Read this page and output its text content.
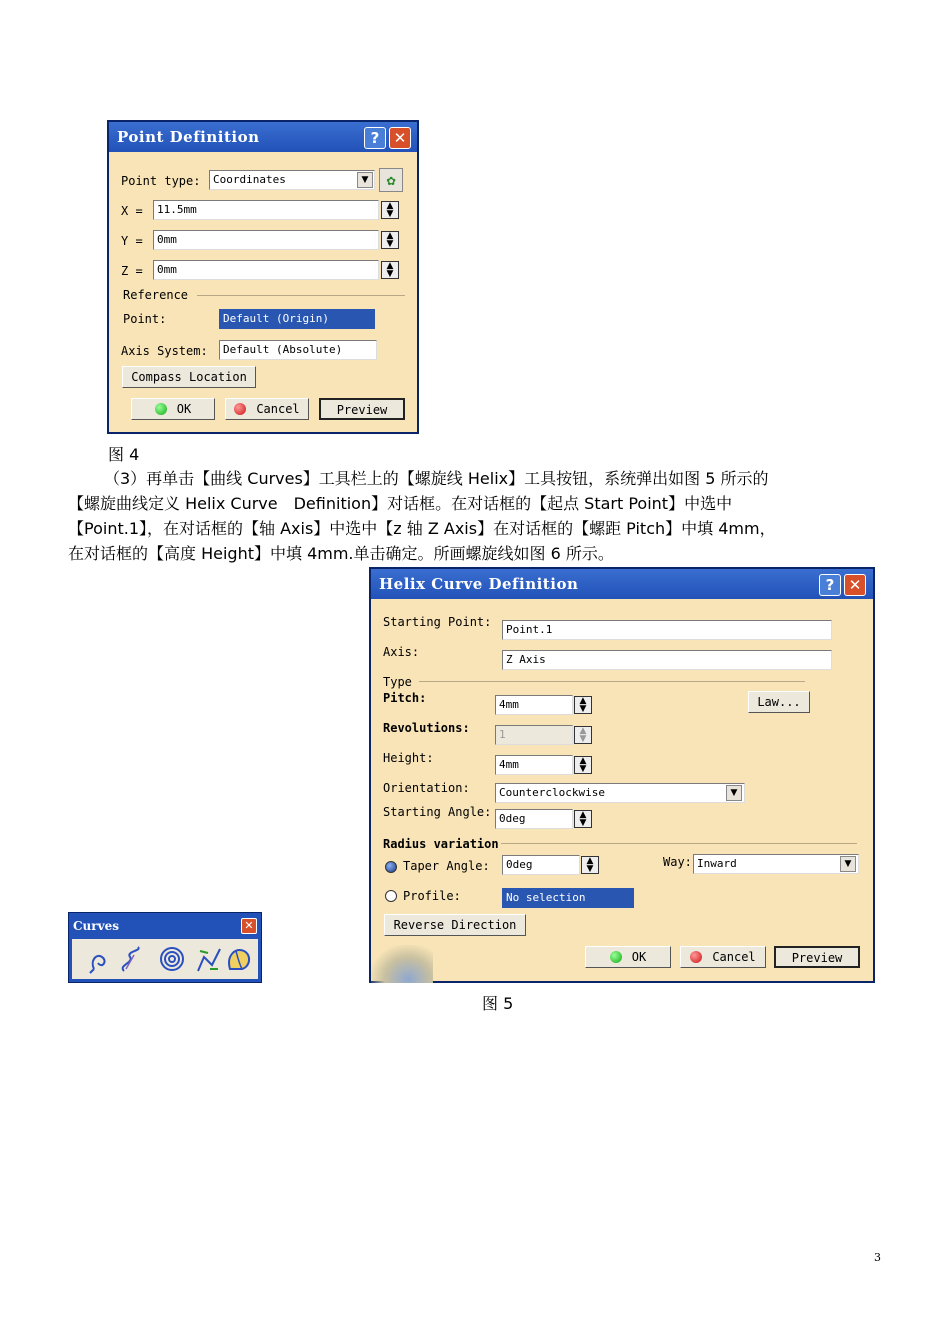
Point Definition	? ✕
Point type:	Coordinates	▼	✿
X =	11.5mm	▲
▼
Y =	0mm	▲
▼
Z =	0mm	▲
▼
Reference
Point:	Default (Origin)
Axis System:	Default (Absolute)
Compass Location
OK	Cancel	Preview
图 4
（3）再单击【曲线 Curves】工具栏上的【螺旋线 Helix】工具按钮，系统弹出如图 5 所示的
【螺旋曲线定义 Helix Curve　Definition】对话框。在对话框的【起点 Start Point】中选中
【Point.1】，在对话框的【轴 Axis】中选中【z 轴 Z Axis】在对话框的【螺距 Pitch】中填 4mm，
在对话框的【高度 Height】中填 4mm.单击确定。所画螺旋线如图 6 所示。
Helix Curve Definition	? ✕
Starting Point:
Point.1
Axis:
Z Axis
Type
Pitch:	4mm	▲
▼	Law...
Revolutions:	1	▲
▼
Height:	4mm	▲
▼
Orientation:	Counterclockwise	▼
Starting Angle: 0deg	▲
▼
Radius variation
Taper Angle:	0deg	▲
▼	Way: Inward	▼
Profile:	No selection
Reverse Direction
OK	Cancel	Preview
Curves	✕
图 5
3
